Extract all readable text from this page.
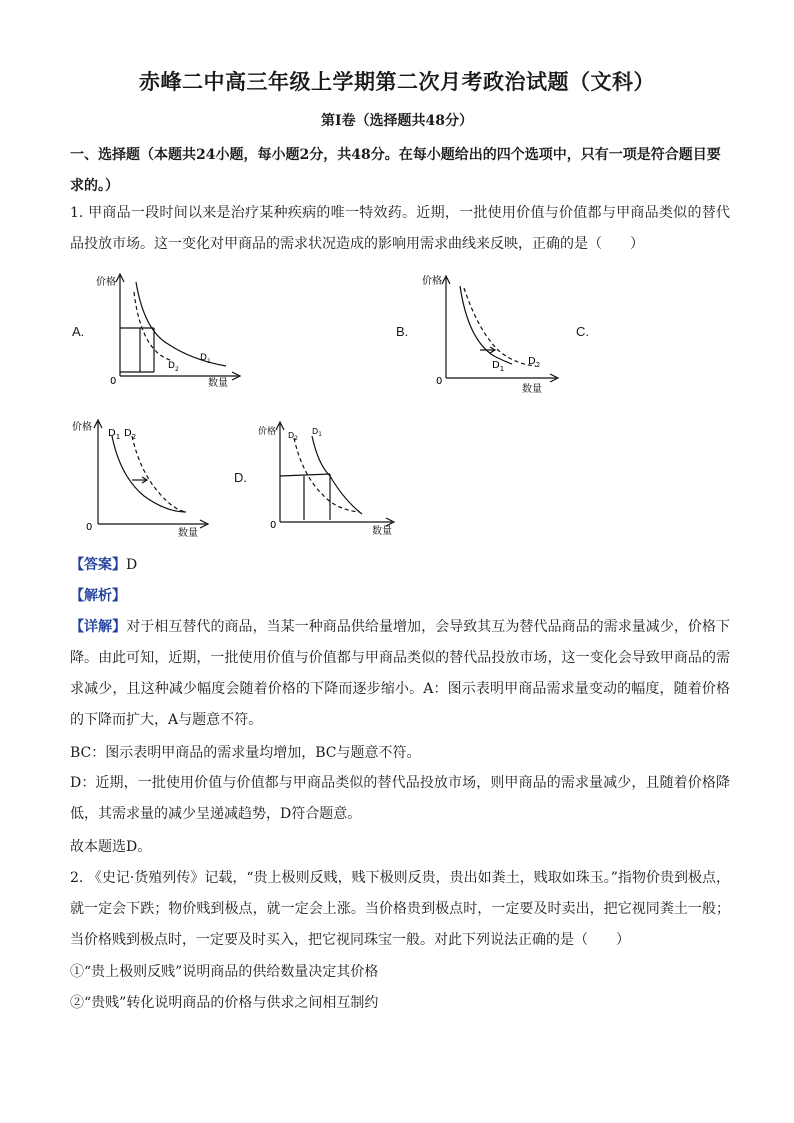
赤峰二中高三年级上学期第二次月考政治试题（文科）
第Ⅰ卷（选择题共48分）
一、选择题（本题共24小题，每小题2分，共48分。在每小题给出的四个选项中，只有一项是符合题目要求的。）
1. 甲商品一段时间以来是治疗某种疾病的唯一特效药。近期，一批使用价值与价值都与甲商品类似的替代品投放市场。这一变化对甲商品的需求状况造成的影响用需求曲线来反映，正确的是（　　）
A.	B.	C.
D.
价格
0	数量
$D_1$
$D_2$
价格
0
数量
$D_1$
$D_2$
价格
0
数量
$D_1$ $D_2$	价格
0
数量
$D_2$
$D_1$
【答案】D
【解析】
【详解】对于相互替代的商品，当某一种商品供给量增加，会导致其互为替代品商品的需求量减少，价格下降。由此可知，近期，一批使用价值与价值都与甲商品类似的替代品投放市场，这一变化会导致甲商品的需求减少，且这种减少幅度会随着价格的下降而逐步缩小。A：图示表明甲商品需求量变动的幅度，随着价格的下降而扩大，A与题意不符。
BC：图示表明甲商品的需求量均增加，BC与题意不符。
D：近期，一批使用价值与价值都与甲商品类似的替代品投放市场，则甲商品的需求量减少，且随着价格降低，其需求量的减少呈递减趋势，D符合题意。
故本题选D。
2. 《史记·货殖列传》记载，“贵上极则反贱，贱下极则反贵，贵出如粪土，贱取如珠玉。”指物价贵到极点，就一定会下跌；物价贱到极点，就一定会上涨。当价格贵到极点时，一定要及时卖出，把它视同粪土一般；当价格贱到极点时，一定要及时买入，把它视同珠宝一般。对此下列说法正确的是（　　）
①“贵上极则反贱”说明商品的供给数量决定其价格
②“贵贱”转化说明商品的价格与供求之间相互制约
